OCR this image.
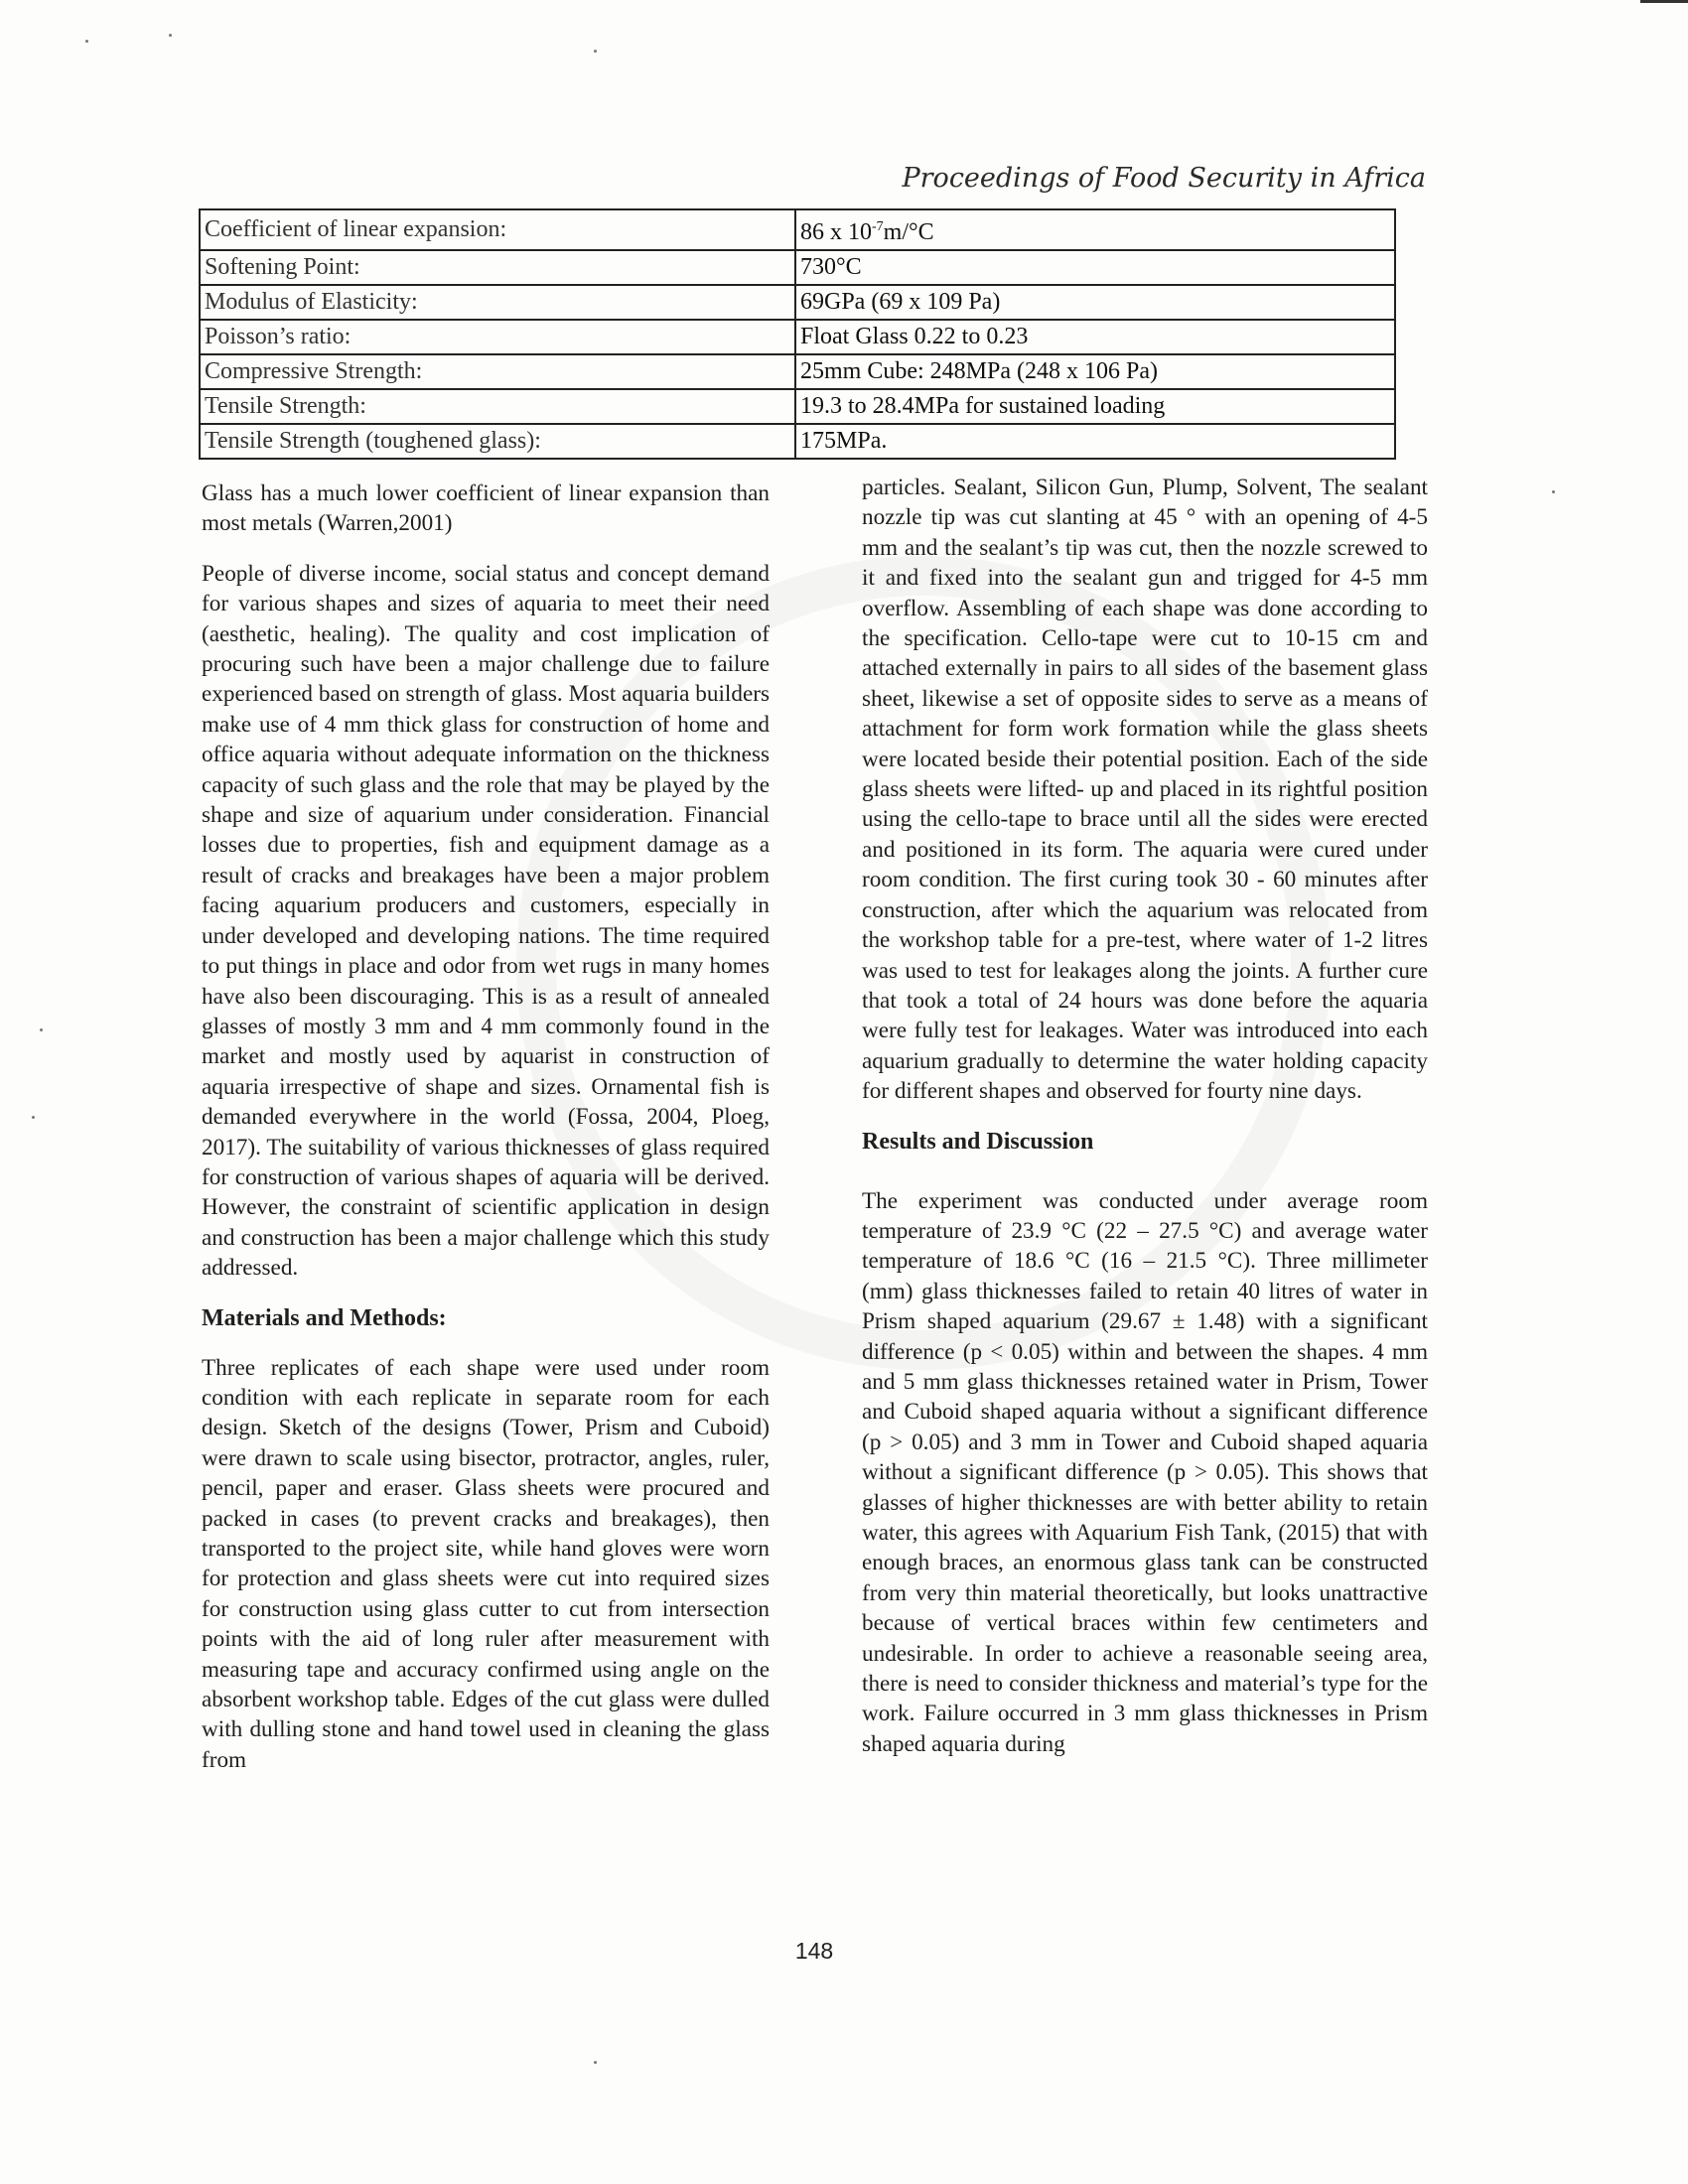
Proceedings of Food Security in Africa
Coefficient of linear expansion:	86 x $10^{-7}m/^\circ C$
Softening Point:	730°C
Modulus of Elasticity:	69GPa (69 x 109 Pa)
Poisson’s ratio:	Float Glass 0.22 to 0.23
Compressive Strength:	25mm Cube: 248MPa (248 x 106 Pa)
Tensile Strength:	19.3 to 28.4MPa for sustained loading
Tensile Strength (toughened glass):	175MPa.

Glass has a much lower coefficient of linear expansion than most metals (Warren,2001)

People of diverse income, social status and concept demand for various shapes and sizes of aquaria to meet their need (aesthetic, healing). The quality and cost implication of procuring such have been a major challenge due to failure experienced based on strength of glass. Most aquaria builders make use of 4 mm thick glass for construction of home and office aquaria without adequate information on the thickness capacity of such glass and the role that may be played by the shape and size of aquarium under consideration. Financial losses due to properties, fish and equipment damage as a result of cracks and breakages have been a major problem facing aquarium producers and customers, especially in under developed and developing nations. The time required to put things in place and odor from wet rugs in many homes have also been discouraging. This is as a result of annealed glasses of mostly 3 mm and 4 mm commonly found in the market and mostly used by aquarist in construction of aquaria irrespective of shape and sizes. Ornamental fish is demanded everywhere in the world (Fossa, 2004, Ploeg, 2017). The suitability of various thicknesses of glass required for construction of various shapes of aquaria will be derived. However, the constraint of scientific application in design and construction has been a major challenge which this study addressed.

Materials and Methods:

Three replicates of each shape were used under room condition with each replicate in separate room for each design. Sketch of the designs (Tower, Prism and Cuboid) were drawn to scale using bisector, protractor, angles, ruler, pencil, paper and eraser. Glass sheets were procured and packed in cases (to prevent cracks and breakages), then transported to the project site, while hand gloves were worn for protection and glass sheets were cut into required sizes for construction using glass cutter to cut from intersection points with the aid of long ruler after measurement with measuring tape and accuracy confirmed using angle on the absorbent workshop table. Edges of the cut glass were dulled with dulling stone and hand towel used in cleaning the glass from

particles. Sealant, Silicon Gun, Plump, Solvent, The sealant nozzle tip was cut slanting at 45 ° with an opening of 4-5 mm and the sealant’s tip was cut, then the nozzle screwed to it and fixed into the sealant gun and trigged for 4-5 mm overflow. Assembling of each shape was done according to the specification. Cello-tape were cut to 10-15 cm and attached externally in pairs to all sides of the basement glass sheet, likewise a set of opposite sides to serve as a means of attachment for form work formation while the glass sheets were located beside their potential position. Each of the side glass sheets were lifted- up and placed in its rightful position using the cello-tape to brace until all the sides were erected and positioned in its form. The aquaria were cured under room condition. The first curing took 30 - 60 minutes after construction, after which the aquarium was relocated from the workshop table for a pre-test, where water of 1-2 litres was used to test for leakages along the joints. A further cure that took a total of 24 hours was done before the aquaria were fully test for leakages. Water was introduced into each aquarium gradually to determine the water holding capacity for different shapes and observed for fourty nine days.

Results and Discussion

The experiment was conducted under average room temperature of 23.9 °C (22 – 27.5 °C) and average water temperature of 18.6 °C (16 – 21.5 °C). Three millimeter (mm) glass thicknesses failed to retain 40 litres of water in Prism shaped aquarium (29.67 ± 1.48) with a significant difference (p < 0.05) within and between the shapes. 4 mm and 5 mm glass thicknesses retained water in Prism, Tower and Cuboid shaped aquaria without a significant difference (p > 0.05) and 3 mm in Tower and Cuboid shaped aquaria without a significant difference (p > 0.05). This shows that glasses of higher thicknesses are with better ability to retain water, this agrees with Aquarium Fish Tank, (2015) that with enough braces, an enormous glass tank can be constructed from very thin material theoretically, but looks unattractive because of vertical braces within few centimeters and undesirable. In order to achieve a reasonable seeing area, there is need to consider thickness and material’s type for the work. Failure occurred in 3 mm glass thicknesses in Prism shaped aquaria during

148
